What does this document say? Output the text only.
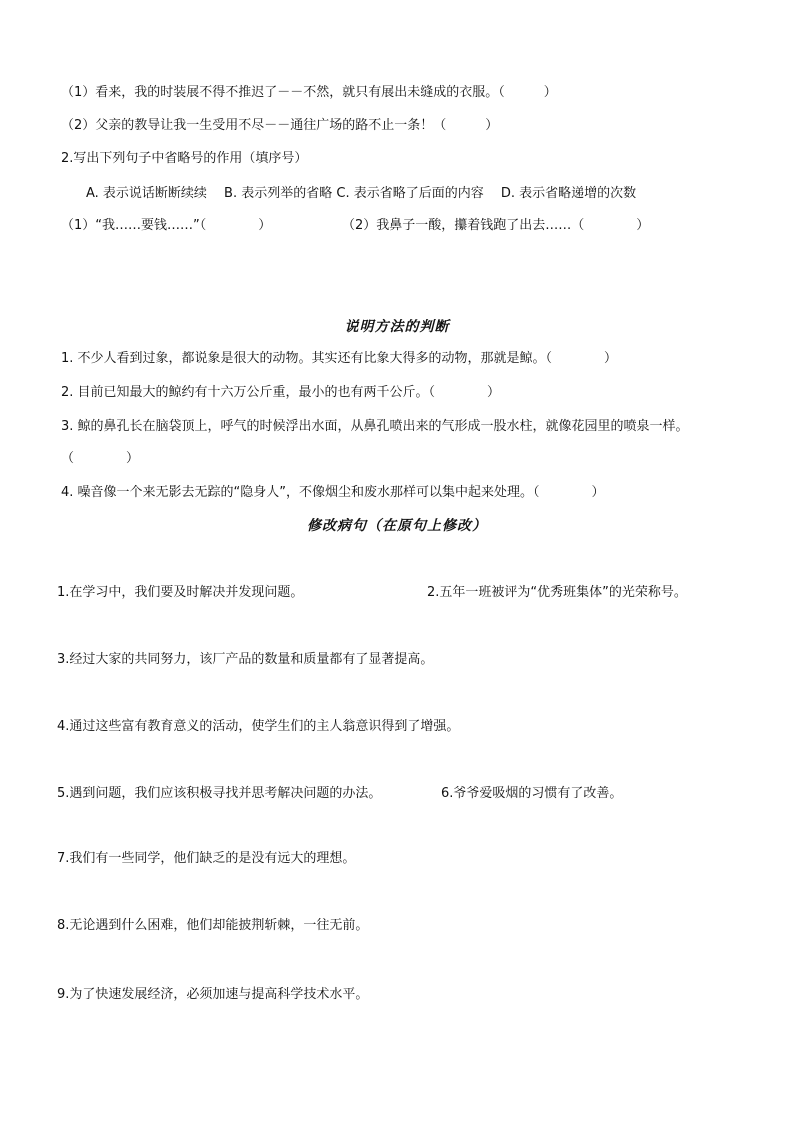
（1）看来，我的时装展不得不推迟了－－不然，就只有展出未缝成的衣服。（　　　）
（2）父亲的教导让我一生受用不尽－－通往广场的路不止一条！（　　　）
2.写出下列句子中省略号的作用（填序号）
A. 表示说话断断续续　 B. 表示列举的省略 C. 表示省略了后面的内容　 D. 表示省略递增的次数
（1）“我……要钱……”（　　　　）	（2）我鼻子一酸，攥着钱跑了出去……（　　　　）
说明方法的判断
1. 不少人看到过象，都说象是很大的动物。其实还有比象大得多的动物，那就是鲸。（　　　　）
2. 目前已知最大的鲸约有十六万公斤重，最小的也有两千公斤。（　　　　）
3. 鲸的鼻孔长在脑袋顶上，呼气的时候浮出水面，从鼻孔喷出来的气形成一股水柱，就像花园里的喷泉一样。
（　　　　）
4. 噪音像一个来无影去无踪的“隐身人”，不像烟尘和废水那样可以集中起来处理。（　　　　）
修改病句（在原句上修改）
1.在学习中，我们要及时解决并发现问题。	2.五年一班被评为“优秀班集体”的光荣称号。
3.经过大家的共同努力，该厂产品的数量和质量都有了显著提高。
4.通过这些富有教育意义的活动，使学生们的主人翁意识得到了增强。
5.遇到问题，我们应该积极寻找并思考解决问题的办法。	6.爷爷爱吸烟的习惯有了改善。
7.我们有一些同学，他们缺乏的是没有远大的理想。
8.无论遇到什么困难，他们却能披荆斩棘，一往无前。
9.为了快速发展经济，必须加速与提高科学技术水平。
